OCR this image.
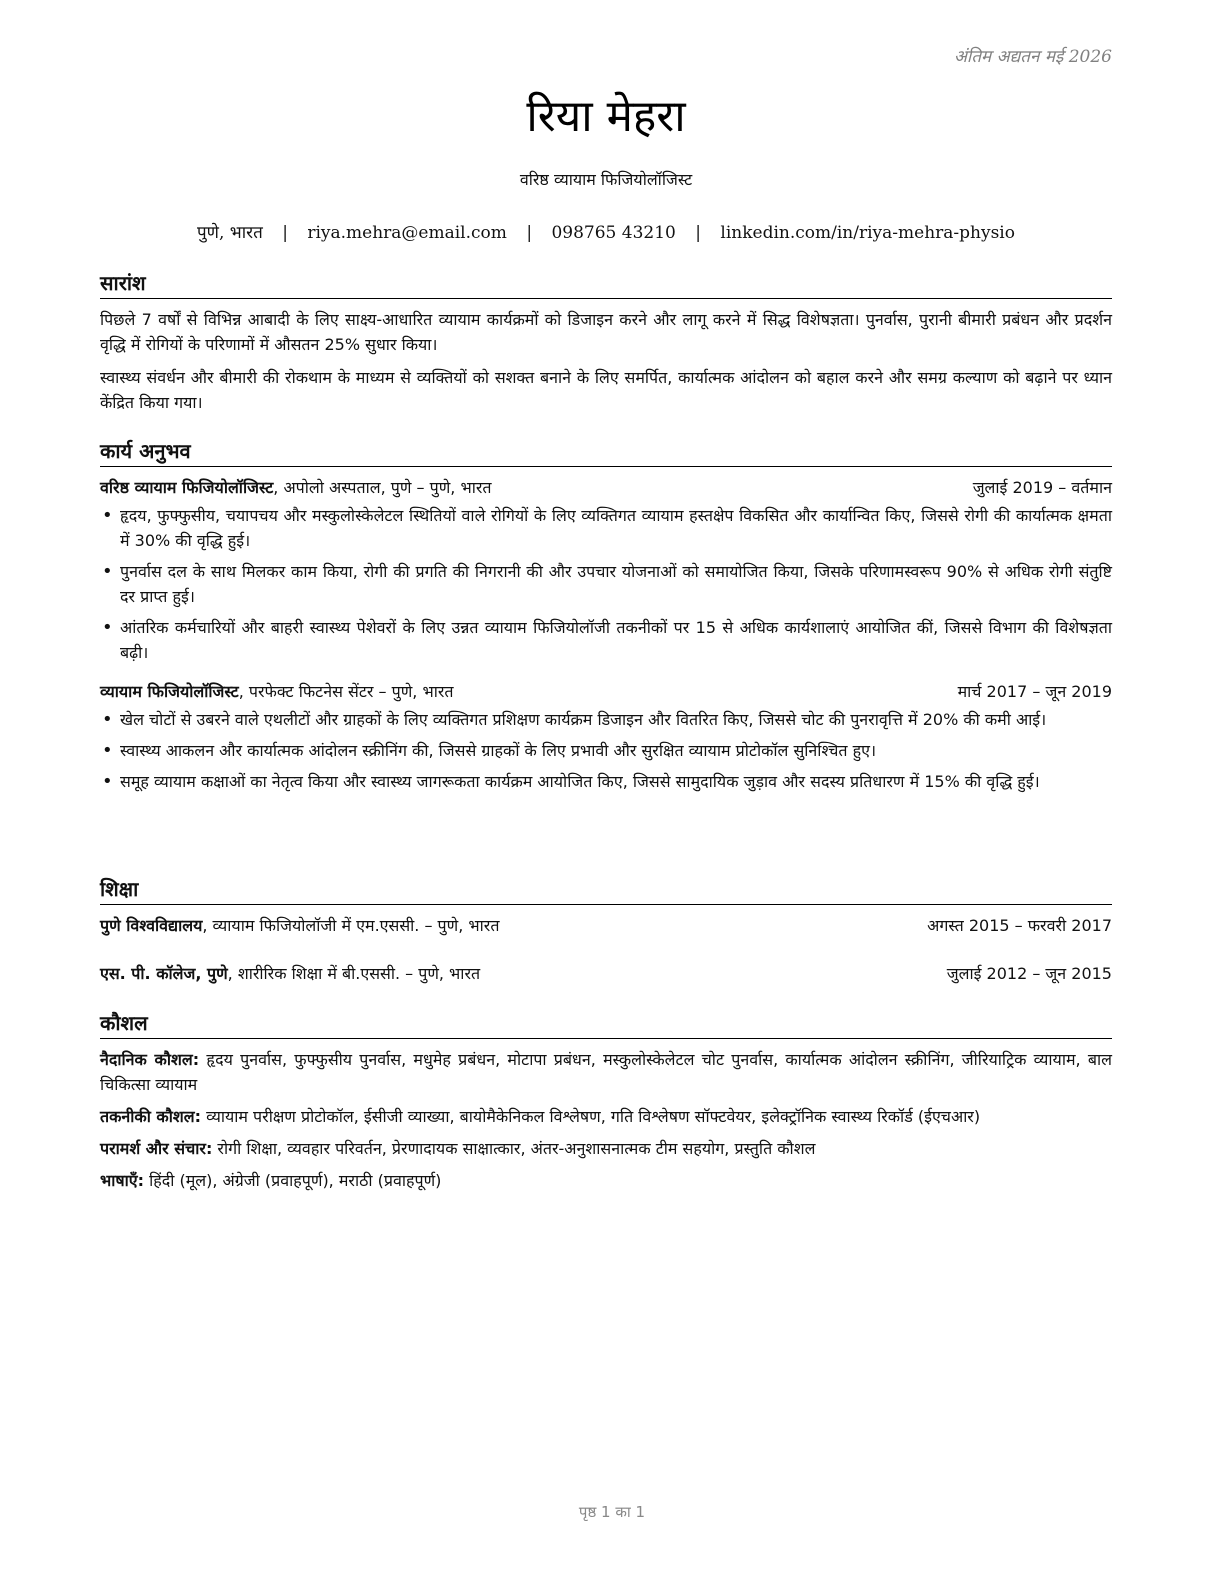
अंतिम अद्यतन मई 2026
रिया मेहरा
वरिष्ठ व्यायाम फिजियोलॉजिस्ट
पुणे, भारत | riya.mehra@email.com | 098765 43210 | linkedin.com/in/riya-mehra-physio
सारांश

पिछले 7 वर्षों से विभिन्न आबादी के लिए साक्ष्य-आधारित व्यायाम कार्यक्रमों को डिजाइन करने और लागू करने में सिद्ध विशेषज्ञता। पुनर्वास, पुरानी बीमारी प्रबंधन और प्रदर्शन वृद्धि में रोगियों के परिणामों में औसतन 25% सुधार किया।

स्वास्थ्य संवर्धन और बीमारी की रोकथाम के माध्यम से व्यक्तियों को सशक्त बनाने के लिए समर्पित, कार्यात्मक आंदोलन को बहाल करने और समग्र कल्याण को बढ़ाने पर ध्यान केंद्रित किया गया।

कार्य अनुभव
वरिष्ठ व्यायाम फिजियोलॉजिस्ट, अपोलो अस्पताल, पुणे – पुणे, भारत	जुलाई 2019 – वर्तमान
• हृदय, फुफ्फुसीय, चयापचय और मस्कुलोस्केलेटल स्थितियों वाले रोगियों के लिए व्यक्तिगत व्यायाम हस्तक्षेप विकसित और कार्यान्वित किए, जिससे रोगी की कार्यात्मक क्षमता में 30% की वृद्धि हुई।
• पुनर्वास दल के साथ मिलकर काम किया, रोगी की प्रगति की निगरानी की और उपचार योजनाओं को समायोजित किया, जिसके परिणामस्वरूप 90% से अधिक रोगी संतुष्टि दर प्राप्त हुई।
• आंतरिक कर्मचारियों और बाहरी स्वास्थ्य पेशेवरों के लिए उन्नत व्यायाम फिजियोलॉजी तकनीकों पर 15 से अधिक कार्यशालाएं आयोजित कीं, जिससे विभाग की विशेषज्ञता बढ़ी।
व्यायाम फिजियोलॉजिस्ट, परफेक्ट फिटनेस सेंटर – पुणे, भारत	मार्च 2017 – जून 2019
• खेल चोटों से उबरने वाले एथलीटों और ग्राहकों के लिए व्यक्तिगत प्रशिक्षण कार्यक्रम डिजाइन और वितरित किए, जिससे चोट की पुनरावृत्ति में 20% की कमी आई।
• स्वास्थ्य आकलन और कार्यात्मक आंदोलन स्क्रीनिंग की, जिससे ग्राहकों के लिए प्रभावी और सुरक्षित व्यायाम प्रोटोकॉल सुनिश्चित हुए।
• समूह व्यायाम कक्षाओं का नेतृत्व किया और स्वास्थ्य जागरूकता कार्यक्रम आयोजित किए, जिससे सामुदायिक जुड़ाव और सदस्य प्रतिधारण में 15% की वृद्धि हुई।
शिक्षा
पुणे विश्वविद्यालय, व्यायाम फिजियोलॉजी में एम.एससी. – पुणे, भारत	अगस्त 2015 – फरवरी 2017
एस. पी. कॉलेज, पुणे, शारीरिक शिक्षा में बी.एससी. – पुणे, भारत	जुलाई 2012 – जून 2015
कौशल
नैदानिक कौशल: हृदय पुनर्वास, फुफ्फुसीय पुनर्वास, मधुमेह प्रबंधन, मोटापा प्रबंधन, मस्कुलोस्केलेटल चोट पुनर्वास, कार्यात्मक आंदोलन स्क्रीनिंग, जीरियाट्रिक व्यायाम, बाल चिकित्सा व्यायाम
तकनीकी कौशल: व्यायाम परीक्षण प्रोटोकॉल, ईसीजी व्याख्या, बायोमैकेनिकल विश्लेषण, गति विश्लेषण सॉफ्टवेयर, इलेक्ट्रॉनिक स्वास्थ्य रिकॉर्ड (ईएचआर)
परामर्श और संचार: रोगी शिक्षा, व्यवहार परिवर्तन, प्रेरणादायक साक्षात्कार, अंतर-अनुशासनात्मक टीम सहयोग, प्रस्तुति कौशल
भाषाएँ: हिंदी (मूल), अंग्रेजी (प्रवाहपूर्ण), मराठी (प्रवाहपूर्ण)
पृष्ठ 1 का 1
